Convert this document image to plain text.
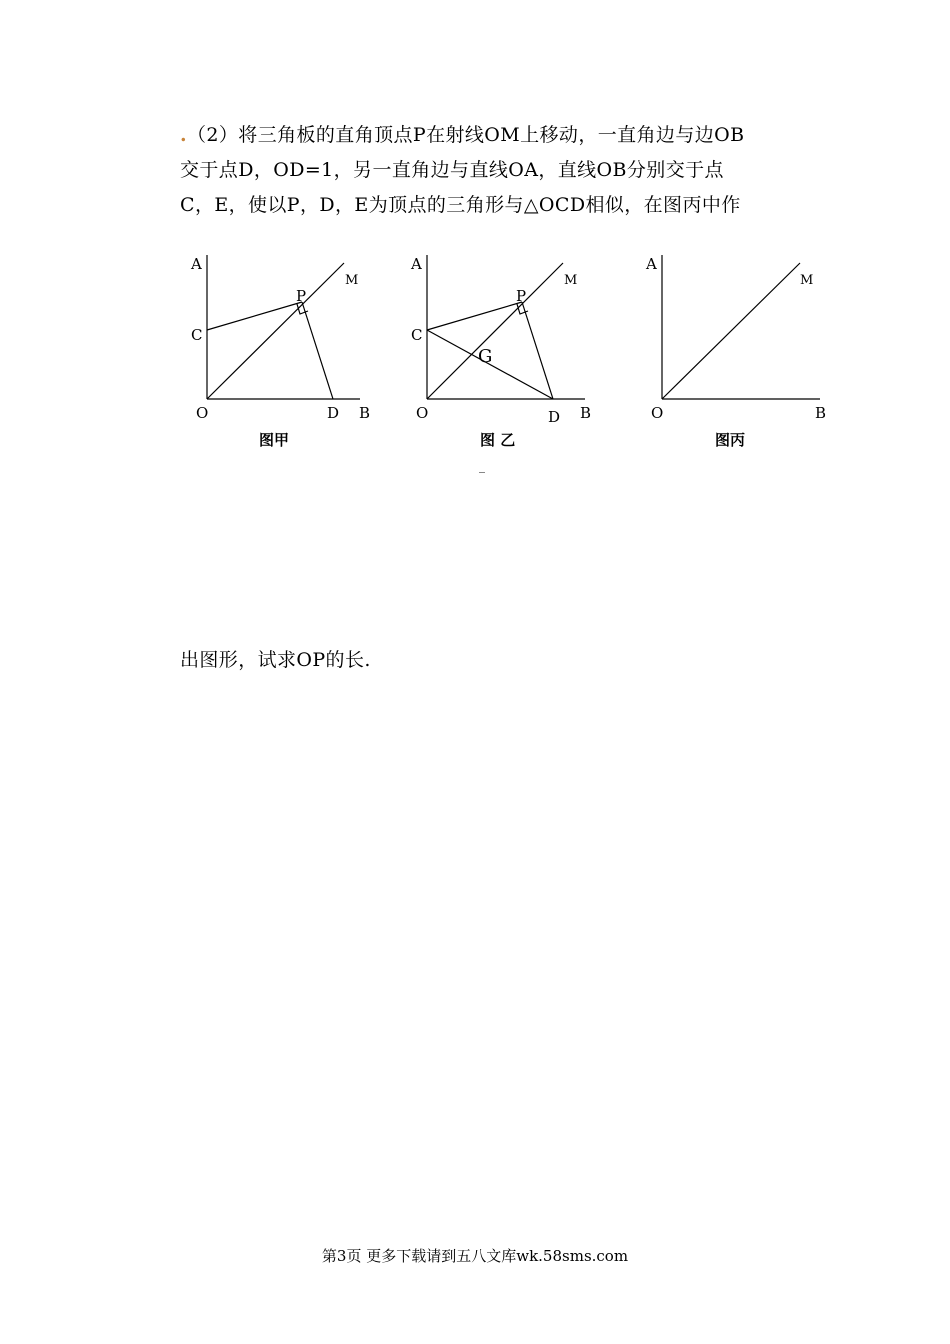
.（2）将三角板的直角顶点P在射线OM上移动，一直角边与边OB
交于点D，OD=1，另一直角边与直线OA，直线OB分别交于点
C，E，使以P，D，E为顶点的三角形与△OCD相似，在图丙中作
A
C
O	D B
P
M
图甲
A
C
O	D B
P
M
G
图 乙
_
A
O	B
M
图丙
出图形，试求OP的长.
第3页 更多下载请到五八文库wk.58sms.com
